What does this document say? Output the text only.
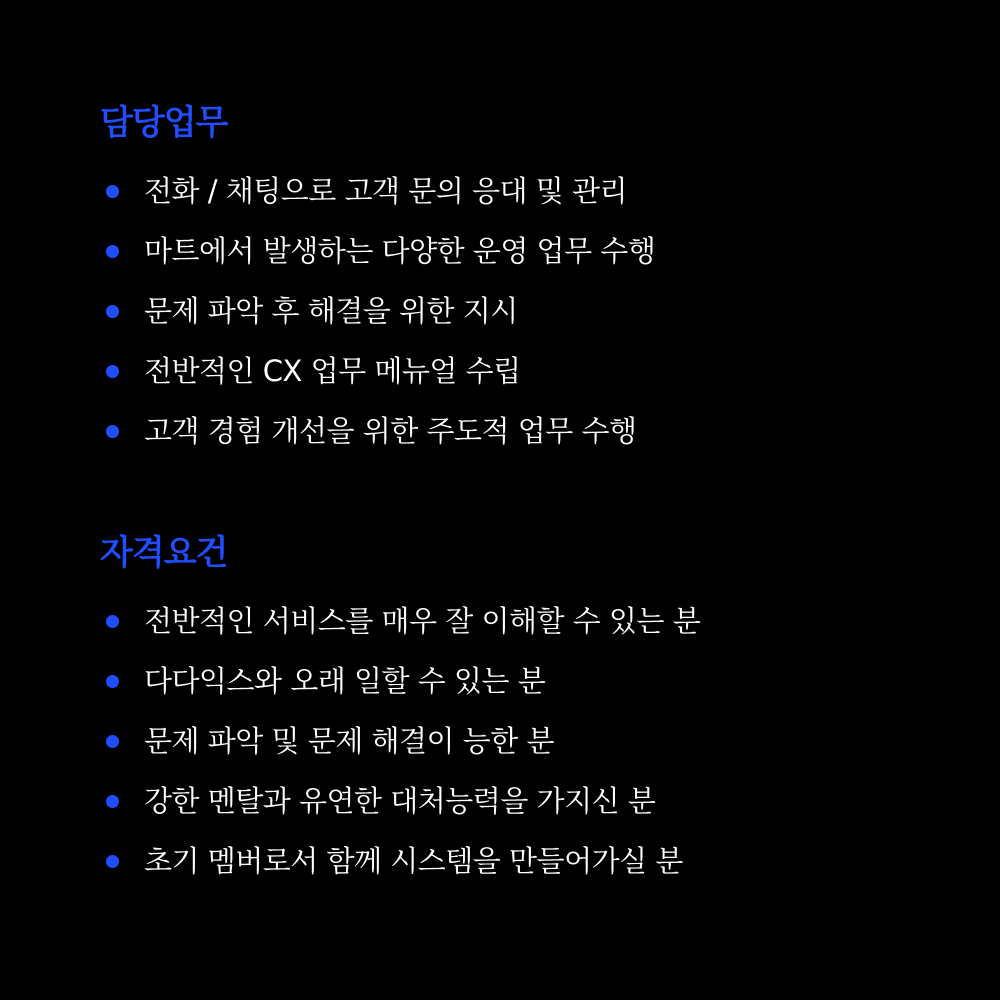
담당업무
전화 / 채팅으로 고객 문의 응대 및 관리
마트에서 발생하는 다양한 운영 업무 수행
문제 파악 후 해결을 위한 지시
전반적인 CX 업무 메뉴얼 수립
고객 경험 개선을 위한 주도적 업무 수행
자격요건
전반적인 서비스를 매우 잘 이해할 수 있는 분
다다익스와 오래 일할 수 있는 분
문제 파악 및 문제 해결이 능한 분
강한 멘탈과 유연한 대처능력을 가지신 분
초기 멤버로서 함께 시스템을 만들어가실 분
